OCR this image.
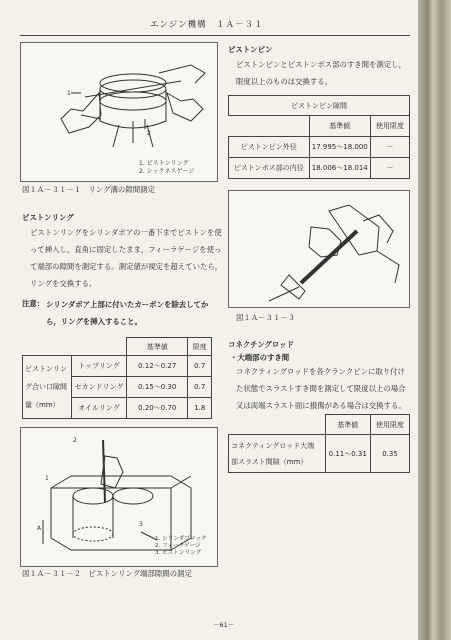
エンジン機構　１Ａ－３１
1
2
1. ピストンリング
2. シックネスゲージ
図１Ａ－３１－１　リング溝の隙間測定
ピストンリング
ピストンリングをシリンダボアの一番下までピストンを使って挿入し，直角に固定したまま，フィーラゲージを使って端部の隙間を測定する。測定値が規定を超えていたら，リングを交換する。
注意： シリンダボア上部に付いたカーボンを除去してから，リングを挿入すること。
		基準値	限度

ピストンリン
グ合い口隙間
量（mm）	トップリング	0.12～0.27	0.7
	セカンドリング	0.15～0.30	0.7
	オイルリング	0.20～0.70	1.8
2
1
3
A
1. シリンダブロック
2. フィーラゲージ
3. ピストンリング
図１Ａ－３１－２　ピストンリング端部隙間の測定
ピストンピン
ピストンピンとピストンボス部のすき間を測定し，限度以上のものは交換する。
ピストンピン隙間		
	基準値	使用限度
ピストンピン外径	17.995～18.000	－
ピストンボス部の内径	18.006～18.014	－
図１Ａ－３１－３
コネクチングロッド
・大端部のすき間
コネクティングロッドを各クランクピンに取り付けた状態でスラストすき間を測定して限度以上の場合又は両端スラスト面に損傷がある場合は交換する。
	基準値	使用限度

コネクティングロッド大端
部スラスト間隙（mm）	0.11～0.31	0.35
－61－
